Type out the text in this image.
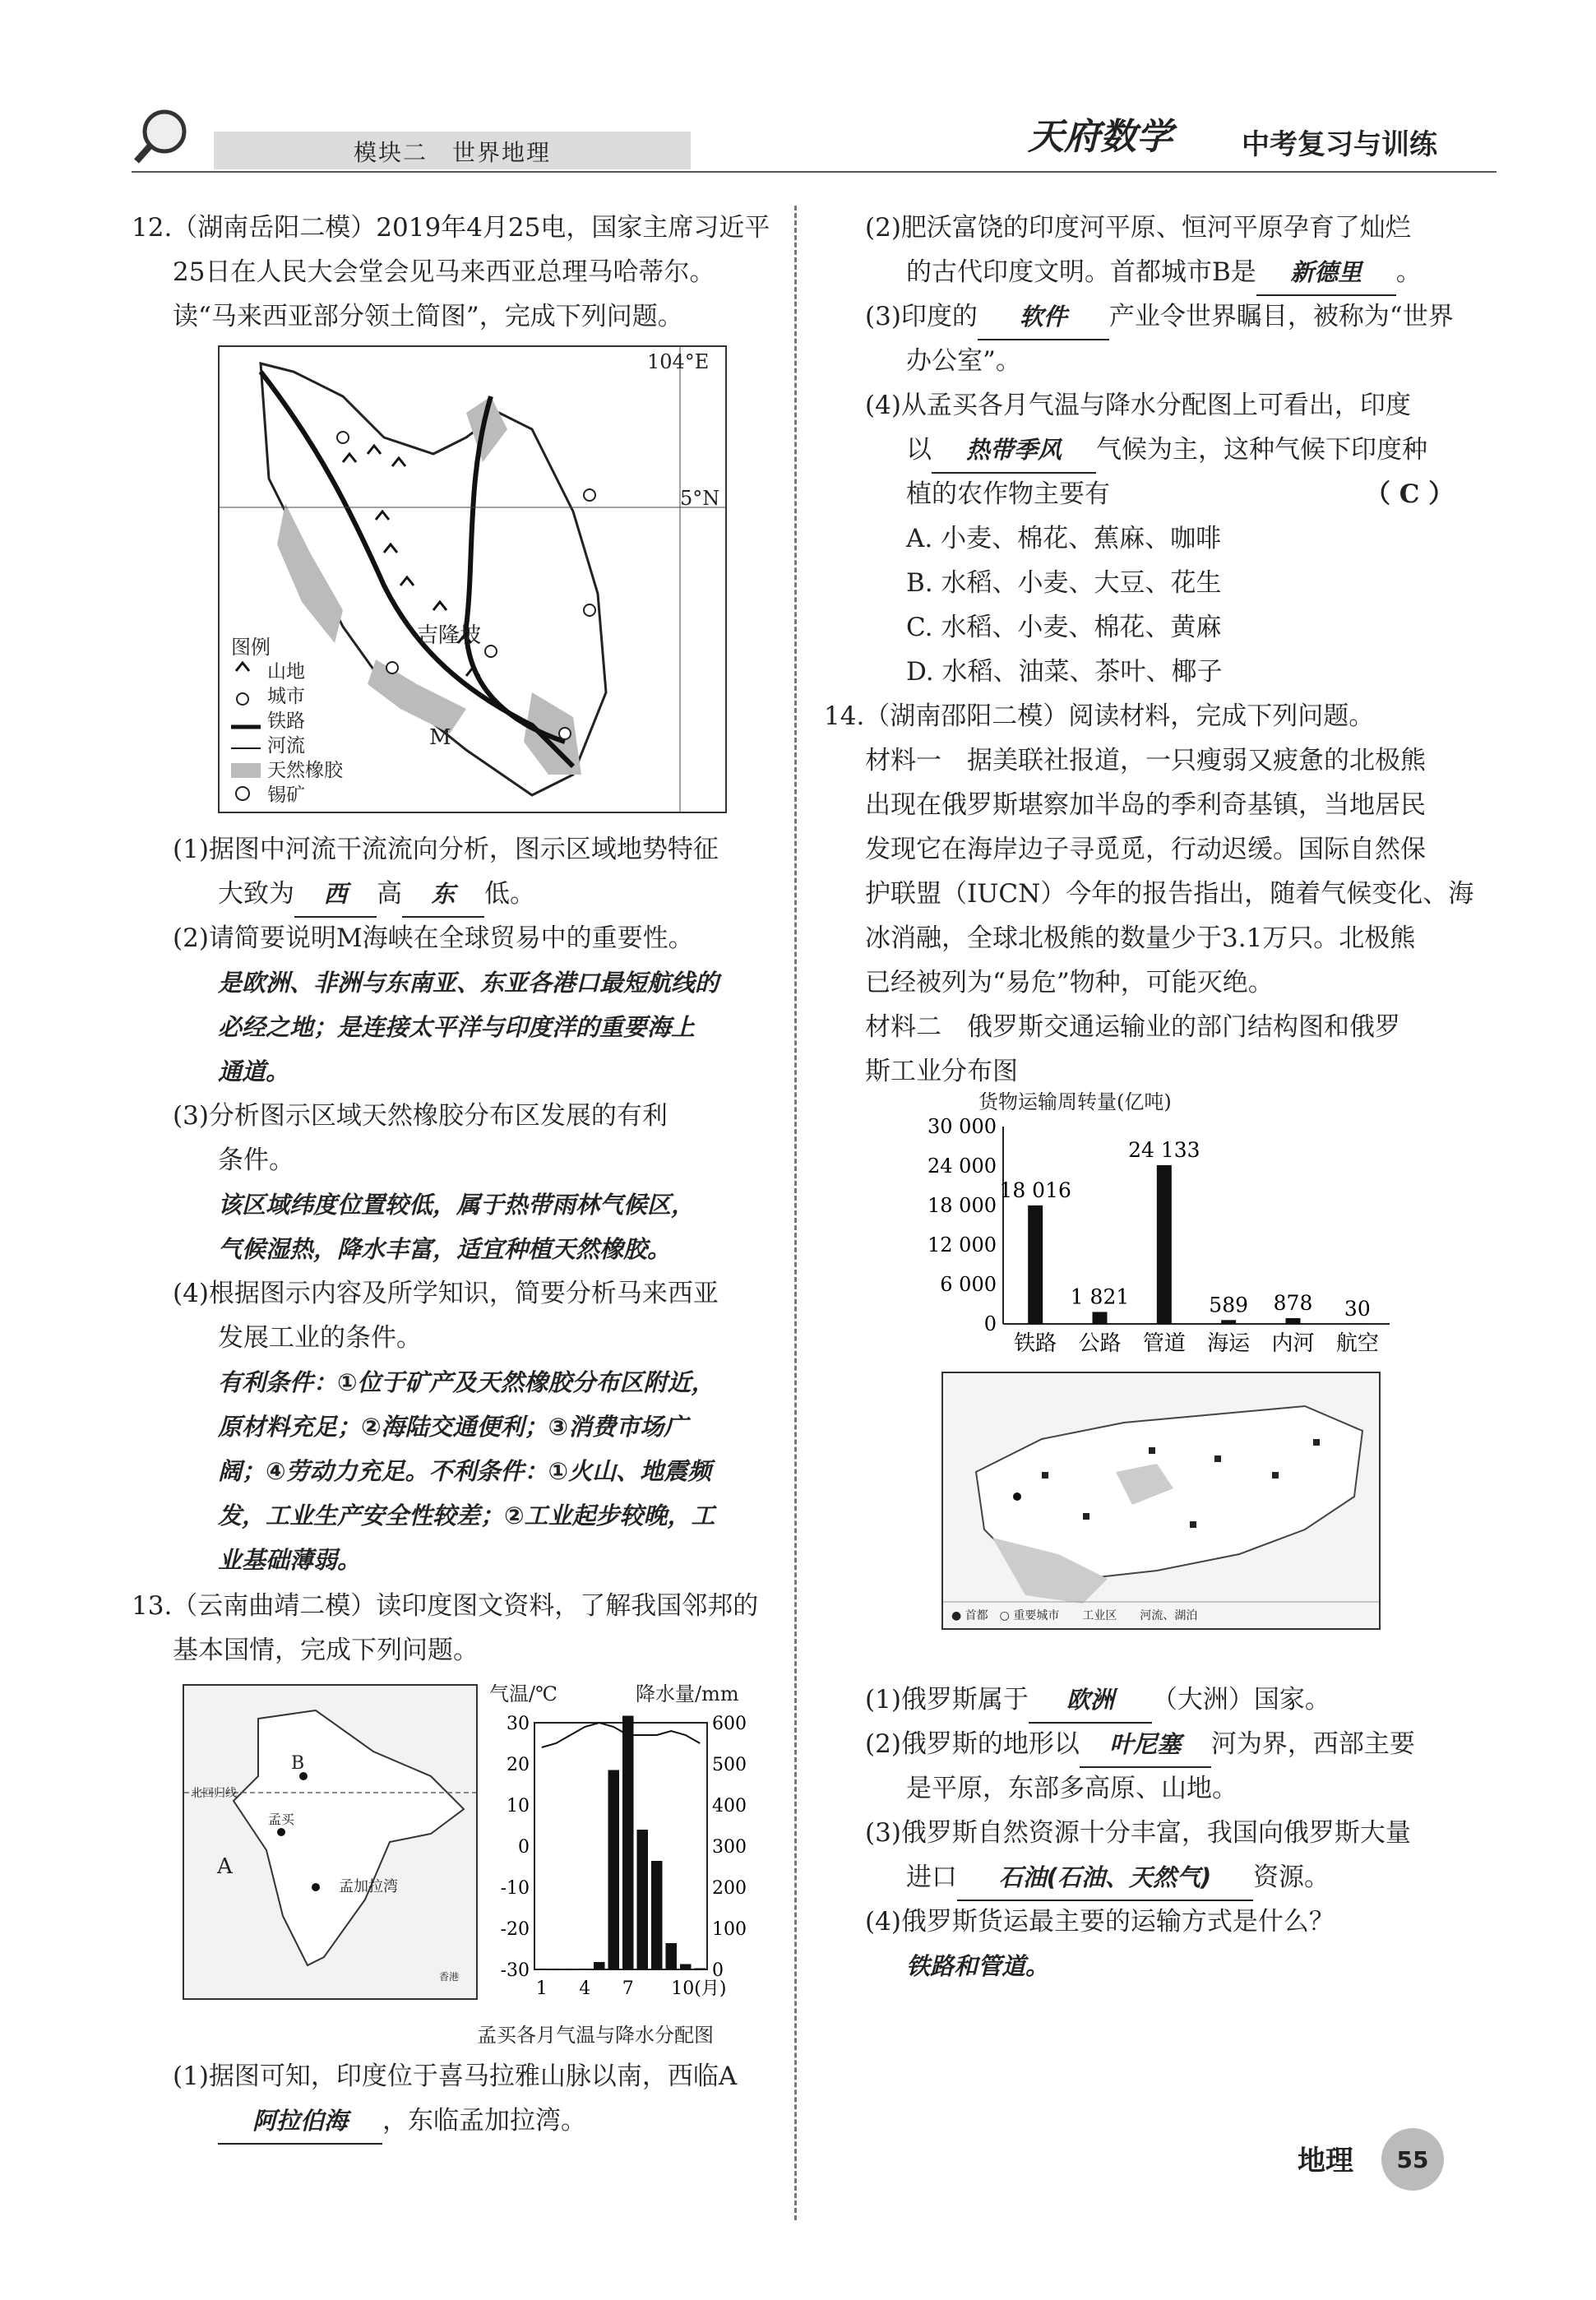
模块二　世界地理	天府数学 中考复习与训练
12.（湖南岳阳二模）2019年4月25电，国家主席习近平
25日在人民大会堂会见马来西亚总理马哈蒂尔。
读“马来西亚部分领土简图”，完成下列问题。
104°E
5°N
吉隆坡
M
图例
山地
城市
铁路
河流
天然橡胶
锡矿
(1)据图中河流干流流向分析，图示区域地势特征
大致为 西 高 东 低。
(2)请简要说明M海峡在全球贸易中的重要性。
是欧洲、非洲与东南亚、东亚各港口最短航线的
必经之地；是连接太平洋与印度洋的重要海上
通道。
(3)分析图示区域天然橡胶分布区发展的有利
条件。
该区域纬度位置较低，属于热带雨林气候区，
气候湿热，降水丰富，适宜种植天然橡胶。
(4)根据图示内容及所学知识，简要分析马来西亚
发展工业的条件。
有利条件：①位于矿产及天然橡胶分布区附近，
原材料充足；②海陆交通便利；③消费市场广
阔；④劳动力充足。不利条件：①火山、地震频
发，工业生产安全性较差；②工业起步较晚，工
业基础薄弱。
13.（云南曲靖二模）读印度图文资料，了解我国邻邦的
基本国情，完成下列问题。
北回归线
A
B
孟买
孟加拉湾
香港
气温/℃	降水量/mm
30
20
10
0
-10
-20
-30
600
500
400
300
200
100
0
1 4 7 10(月)
孟买各月气温与降水分配图
(1)据图可知，印度位于喜马拉雅山脉以南，西临A
阿拉伯海 ，东临孟加拉湾。
(2)肥沃富饶的印度河平原、恒河平原孕育了灿烂
的古代印度文明。首都城市B是 新德里 。
(3)印度的 软件 产业令世界瞩目，被称为“世界
办公室”。
(4)从孟买各月气温与降水分配图上可看出，印度
以 热带季风 气候为主，这种气候下印度种
植的农作物主要有	（ C ）
A. 小麦、棉花、蕉麻、咖啡
B. 水稻、小麦、大豆、花生
C. 水稻、小麦、棉花、黄麻
D. 水稻、油菜、茶叶、椰子
14.（湖南邵阳二模）阅读材料，完成下列问题。
材料一　据美联社报道，一只瘦弱又疲惫的北极熊
出现在俄罗斯堪察加半岛的季利奇基镇，当地居民
发现它在海岸边子寻觅觅，行动迟缓。国际自然保
护联盟（IUCN）今年的报告指出，随着气候变化、海
冰消融，全球北极熊的数量少于3.1万只。北极熊
已经被列为“易危”物种，可能灭绝。
材料二　俄罗斯交通运输业的部门结构图和俄罗
斯工业分布图
货物运输周转量(亿吨)
30 000
24 000
18 000
12 000
6 000
0
18 016
铁路
1 821
公路
24 133
管道
589
海运
878
内河
30
航空
● 首都　○ 重要城市　　工业区　　河流、湖泊
(1)俄罗斯属于 欧洲 （大洲）国家。
(2)俄罗斯的地形以 叶尼塞 河为界，西部主要
是平原，东部多高原、山地。
(3)俄罗斯自然资源十分丰富，我国向俄罗斯大量
进口 石油(石油、天然气) 资源。
(4)俄罗斯货运最主要的运输方式是什么？
铁路和管道。
地理	55
